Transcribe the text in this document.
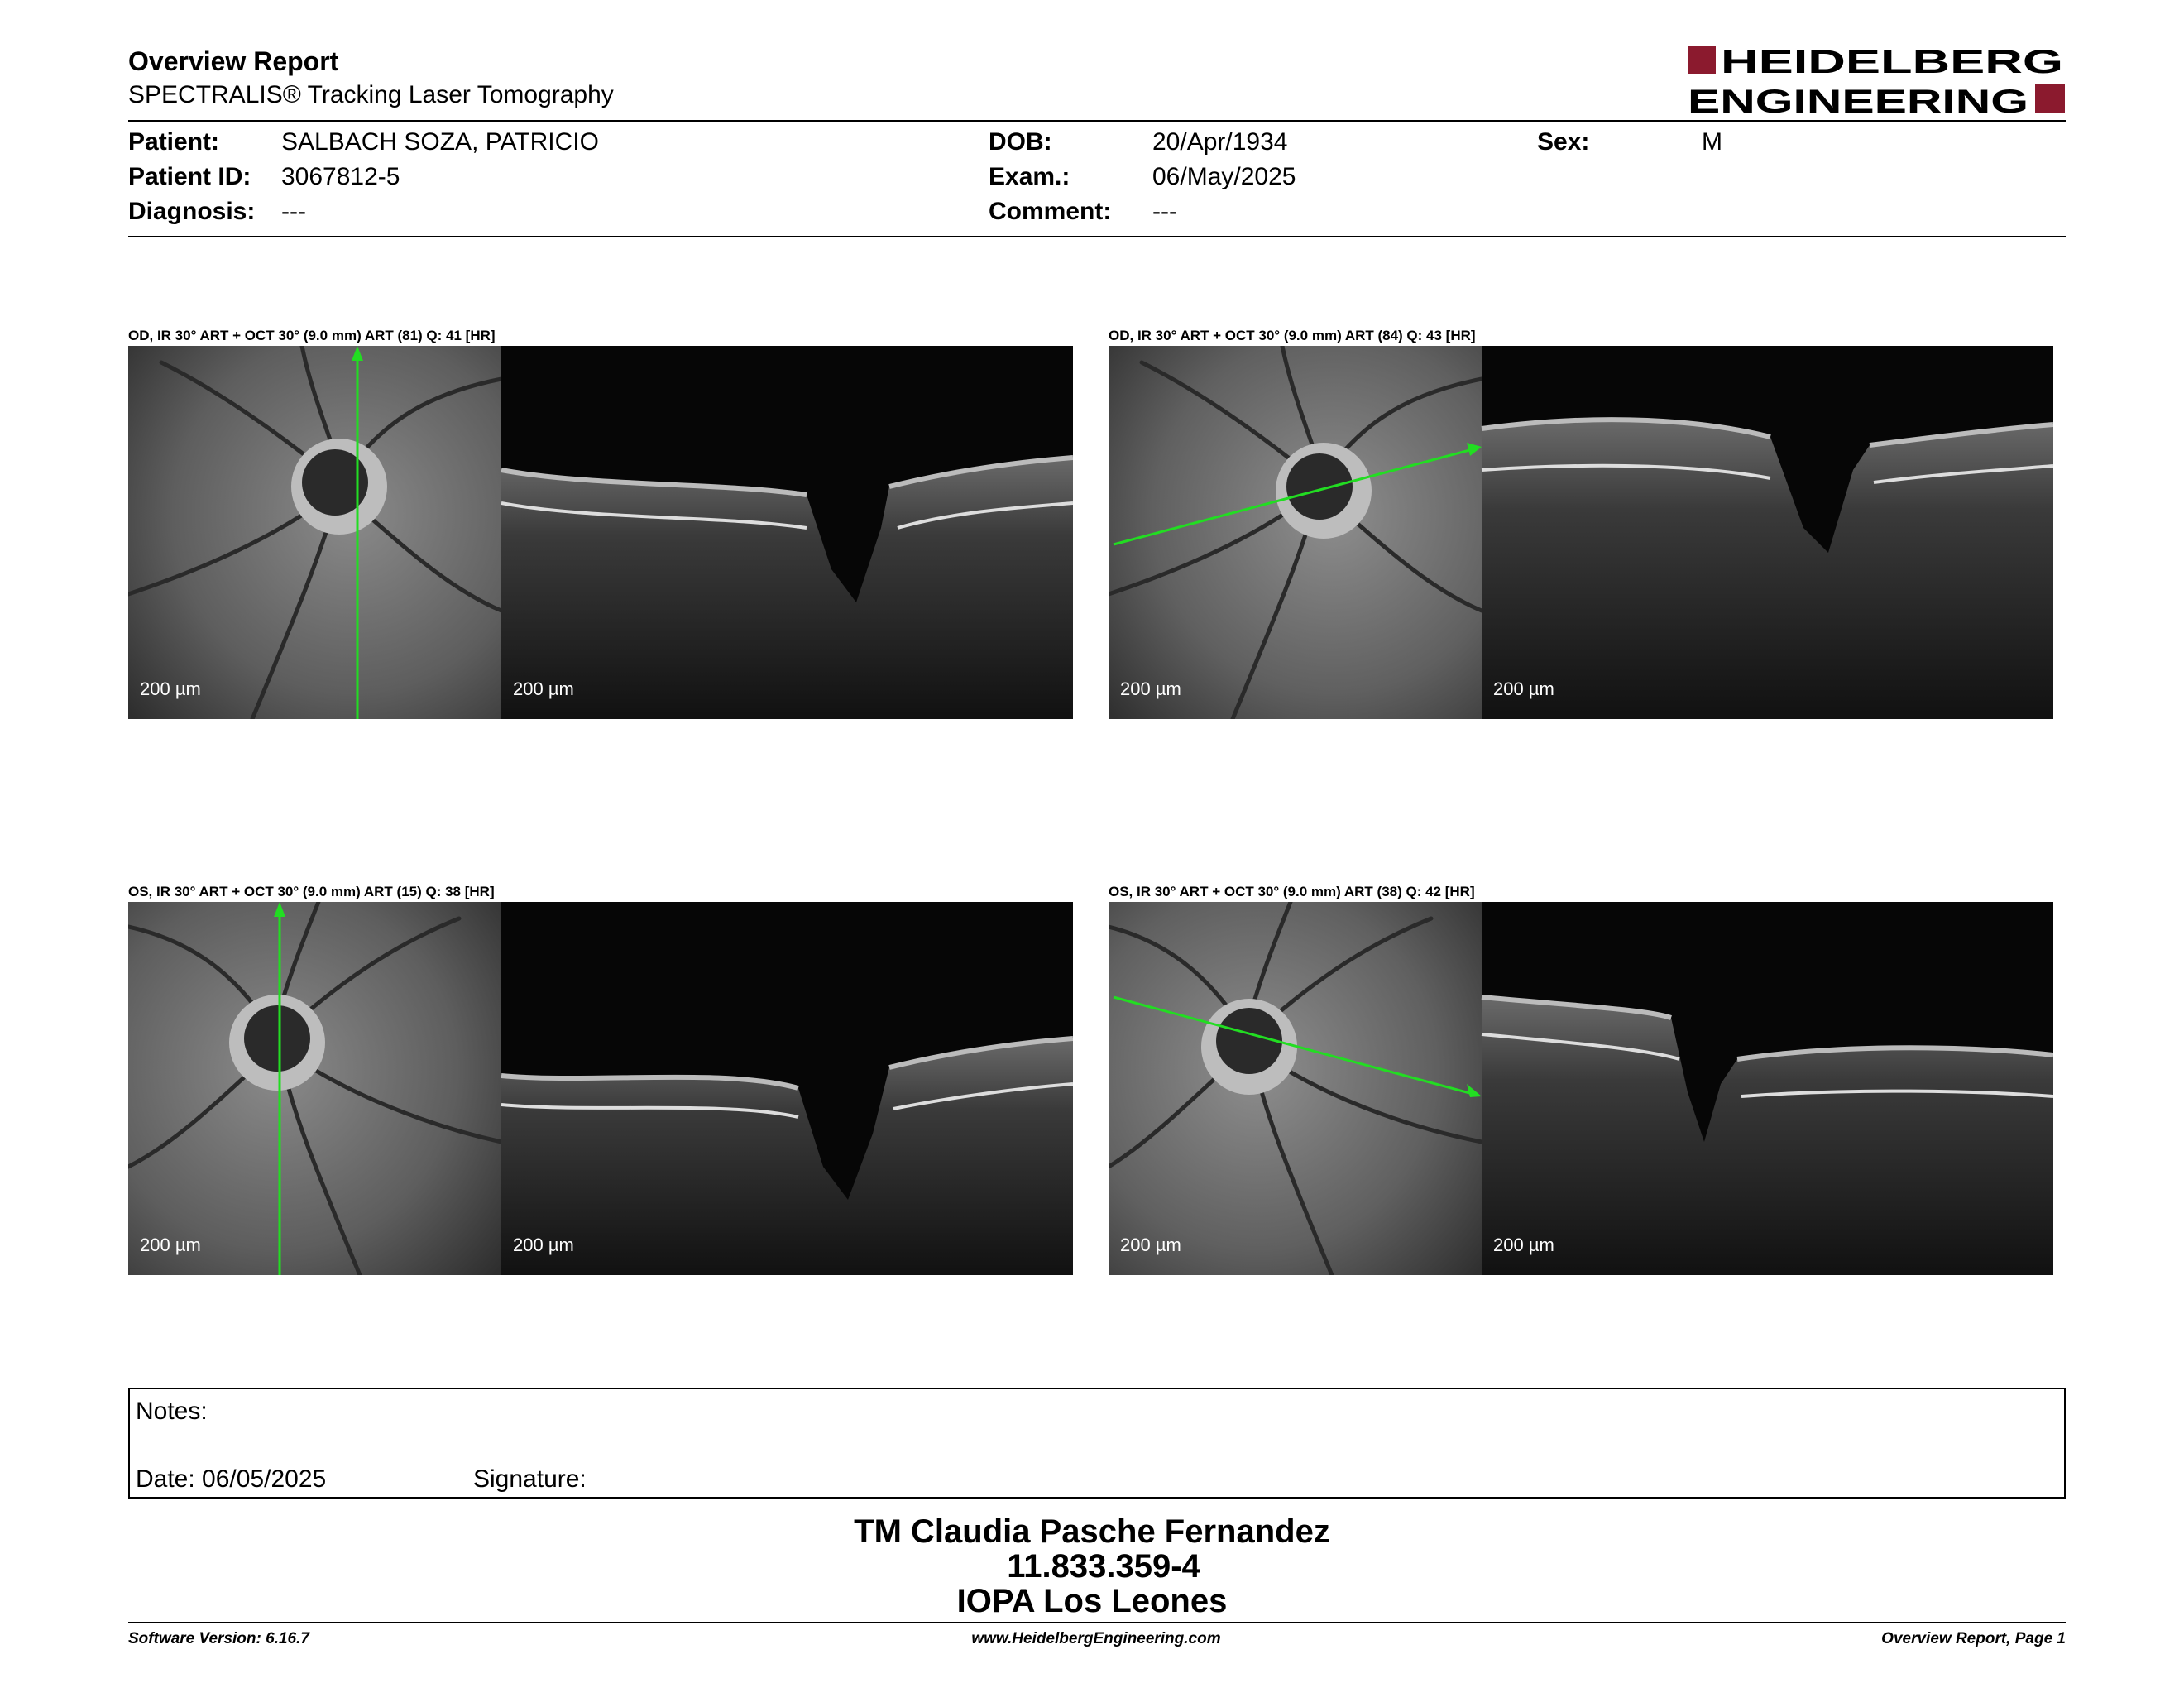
Overview Report
SPECTRALIS® Tracking Laser Tomography
HEIDELBERG
ENGINEERING
Patient: SALBACH SOZA, PATRICIO
Patient ID: 3067812-5
Diagnosis: ---
DOB:	20/Apr/1934
Exam.:	06/May/2025
Comment: ---
Sex:	M
OD, IR 30° ART + OCT 30° (9.0 mm) ART (81) Q: 41 [HR]
200 µm	200 µm
OD, IR 30° ART + OCT 30° (9.0 mm) ART (84) Q: 43 [HR]
200 µm	200 µm
OS, IR 30° ART + OCT 30° (9.0 mm) ART (15) Q: 38 [HR]
200 µm	200 µm
OS, IR 30° ART + OCT 30° (9.0 mm) ART (38) Q: 42 [HR]
200 µm	200 µm
Notes:
Date: 06/05/2025	Signature:
TM Claudia Pasche Fernandez
11.833.359-4
IOPA Los Leones
Software Version: 6.16.7	www.HeidelbergEngineering.com	Overview Report, Page 1
